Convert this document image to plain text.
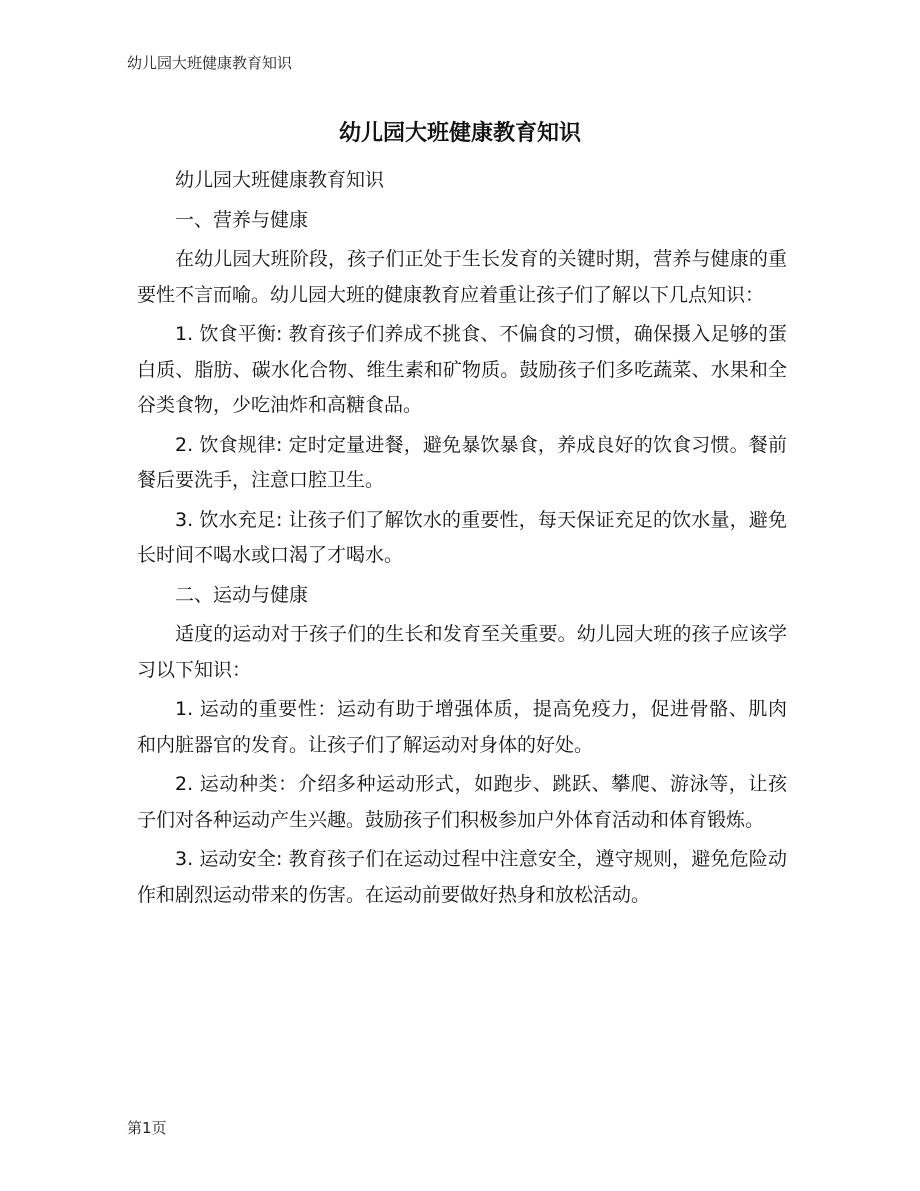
幼儿园大班健康教育知识
幼儿园大班健康教育知识

幼儿园大班健康教育知识

一、营养与健康

在幼儿园大班阶段，孩子们正处于生长发育的关键时期，营养与健康的重要性不言而喻。幼儿园大班的健康教育应着重让孩子们了解以下几点知识：

1. 饮食平衡: 教育孩子们养成不挑食、不偏食的习惯，确保摄入足够的蛋白质、脂肪、碳水化合物、维生素和矿物质。鼓励孩子们多吃蔬菜、水果和全谷类食物，少吃油炸和高糖食品。

2. 饮食规律: 定时定量进餐，避免暴饮暴食，养成良好的饮食习惯。餐前餐后要洗手，注意口腔卫生。

3. 饮水充足: 让孩子们了解饮水的重要性，每天保证充足的饮水量，避免长时间不喝水或口渴了才喝水。

二、运动与健康

适度的运动对于孩子们的生长和发育至关重要。幼儿园大班的孩子应该学习以下知识：

1. 运动的重要性：运动有助于增强体质，提高免疫力，促进骨骼、肌肉和内脏器官的发育。让孩子们了解运动对身体的好处。

2. 运动种类：介绍多种运动形式，如跑步、跳跃、攀爬、游泳等，让孩子们对各种运动产生兴趣。鼓励孩子们积极参加户外体育活动和体育锻炼。

3. 运动安全: 教育孩子们在运动过程中注意安全，遵守规则，避免危险动作和剧烈运动带来的伤害。在运动前要做好热身和放松活动。

第1页
